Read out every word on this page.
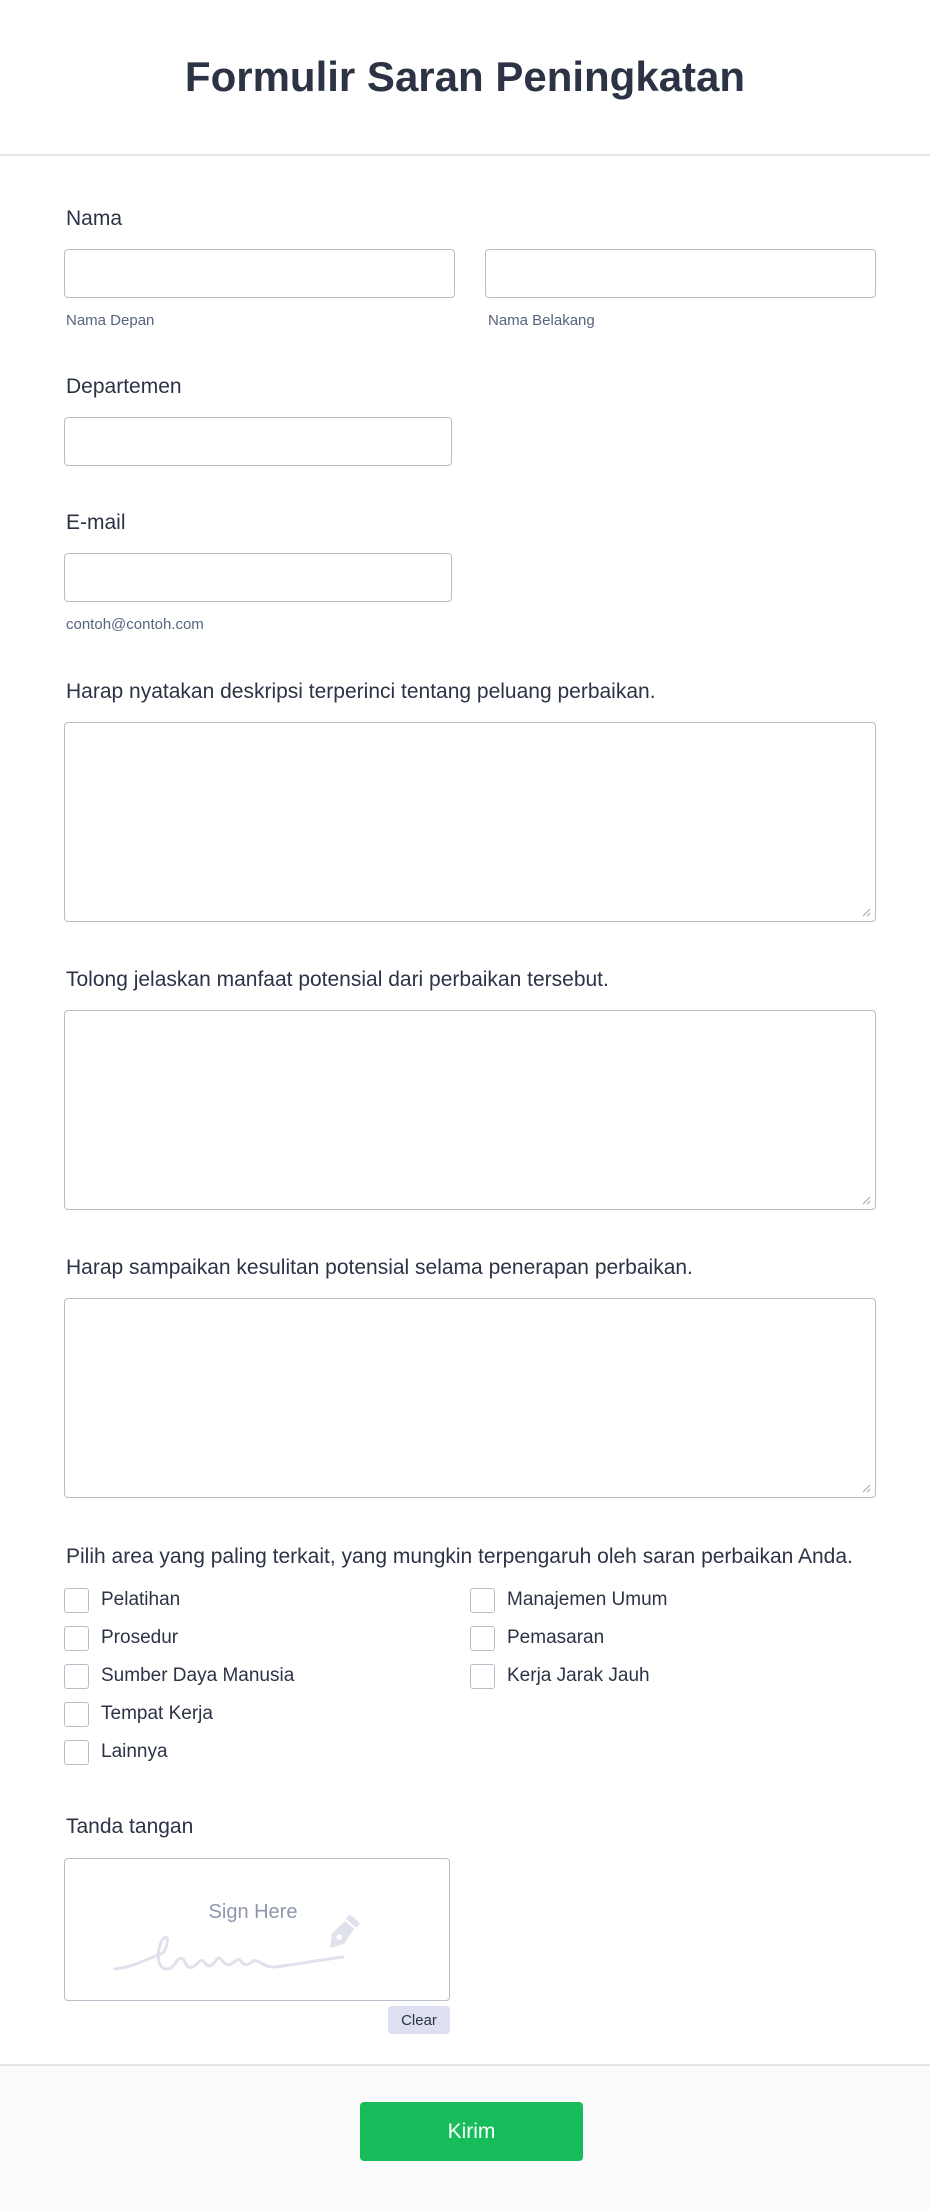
Formulir Saran Peningkatan
Nama
Nama Depan	Nama Belakang
Departemen
E-mail
contoh@contoh.com
Harap nyatakan deskripsi terperinci tentang peluang perbaikan.
Tolong jelaskan manfaat potensial dari perbaikan tersebut.
Harap sampaikan kesulitan potensial selama penerapan perbaikan.
Pilih area yang paling terkait, yang mungkin terpengaruh oleh saran perbaikan Anda.
Pelatihan	Manajemen Umum
Prosedur	Pemasaran
Sumber Daya Manusia	Kerja Jarak Jauh
Tempat Kerja
Lainnya
Tanda tangan
Sign Here
Clear
Kirim
